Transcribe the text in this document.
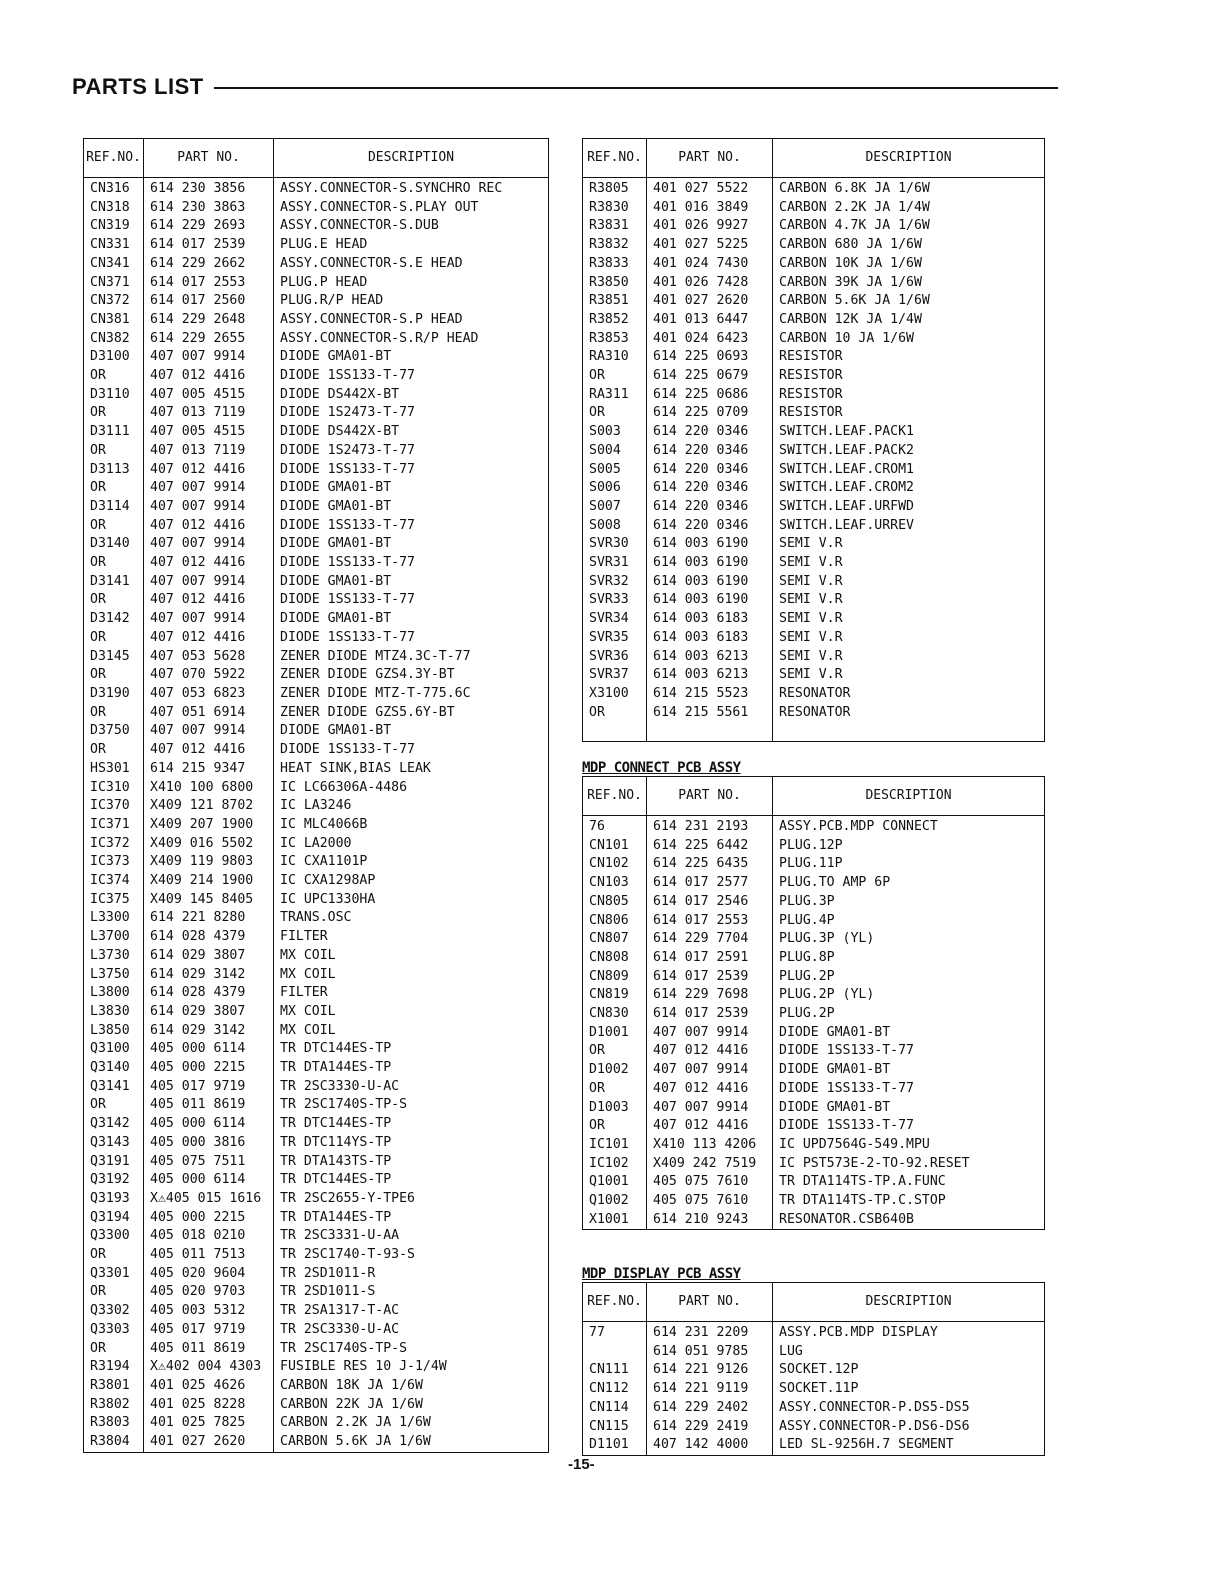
PARTS LIST
REF.NO.	PART NO.	DESCRIPTION
CN316	614 230 3856	ASSY.CONNECTOR-S.SYNCHRO REC
CN318	614 230 3863	ASSY.CONNECTOR-S.PLAY OUT
CN319	614 229 2693	ASSY.CONNECTOR-S.DUB
CN331	614 017 2539	PLUG.E HEAD
CN341	614 229 2662	ASSY.CONNECTOR-S.E HEAD
CN371	614 017 2553	PLUG.P HEAD
CN372	614 017 2560	PLUG.R/P HEAD
CN381	614 229 2648	ASSY.CONNECTOR-S.P HEAD
CN382	614 229 2655	ASSY.CONNECTOR-S.R/P HEAD
D3100	407 007 9914	DIODE GMA01-BT
OR	407 012 4416	DIODE 1SS133-T-77
D3110	407 005 4515	DIODE DS442X-BT
OR	407 013 7119	DIODE 1S2473-T-77
D3111	407 005 4515	DIODE DS442X-BT
OR	407 013 7119	DIODE 1S2473-T-77
D3113	407 012 4416	DIODE 1SS133-T-77
OR	407 007 9914	DIODE GMA01-BT
D3114	407 007 9914	DIODE GMA01-BT
OR	407 012 4416	DIODE 1SS133-T-77
D3140	407 007 9914	DIODE GMA01-BT
OR	407 012 4416	DIODE 1SS133-T-77
D3141	407 007 9914	DIODE GMA01-BT
OR	407 012 4416	DIODE 1SS133-T-77
D3142	407 007 9914	DIODE GMA01-BT
OR	407 012 4416	DIODE 1SS133-T-77
D3145	407 053 5628	ZENER DIODE MTZ4.3C-T-77
OR	407 070 5922	ZENER DIODE GZS4.3Y-BT
D3190	407 053 6823	ZENER DIODE MTZ-T-775.6C
OR	407 051 6914	ZENER DIODE GZS5.6Y-BT
D3750	407 007 9914	DIODE GMA01-BT
OR	407 012 4416	DIODE 1SS133-T-77
HS301	614 215 9347	HEAT SINK,BIAS LEAK
IC310	X410 100 6800	IC LC66306A-4486
IC370	X409 121 8702	IC LA3246
IC371	X409 207 1900	IC MLC4066B
IC372	X409 016 5502	IC LA2000
IC373	X409 119 9803	IC CXA1101P
IC374	X409 214 1900	IC CXA1298AP
IC375	X409 145 8405	IC UPC1330HA
L3300	614 221 8280	TRANS.OSC
L3700	614 028 4379	FILTER
L3730	614 029 3807	MX COIL
L3750	614 029 3142	MX COIL
L3800	614 028 4379	FILTER
L3830	614 029 3807	MX COIL
L3850	614 029 3142	MX COIL
Q3100	405 000 6114	TR DTC144ES-TP
Q3140	405 000 2215	TR DTA144ES-TP
Q3141	405 017 9719	TR 2SC3330-U-AC
OR	405 011 8619	TR 2SC1740S-TP-S
Q3142	405 000 6114	TR DTC144ES-TP
Q3143	405 000 3816	TR DTC114YS-TP
Q3191	405 075 7511	TR DTA143TS-TP
Q3192	405 000 6114	TR DTC144ES-TP
Q3193	X⚠405 015 1616	TR 2SC2655-Y-TPE6
Q3194	405 000 2215	TR DTA144ES-TP
Q3300	405 018 0210	TR 2SC3331-U-AA
OR	405 011 7513	TR 2SC1740-T-93-S
Q3301	405 020 9604	TR 2SD1011-R
OR	405 020 9703	TR 2SD1011-S
Q3302	405 003 5312	TR 2SA1317-T-AC
Q3303	405 017 9719	TR 2SC3330-U-AC
OR	405 011 8619	TR 2SC1740S-TP-S
R3194	X⚠402 004 4303	FUSIBLE RES 10 J-1/4W
R3801	401 025 4626	CARBON 18K JA 1/6W
R3802	401 025 8228	CARBON 22K JA 1/6W
R3803	401 025 7825	CARBON 2.2K JA 1/6W
R3804	401 027 2620	CARBON 5.6K JA 1/6W
REF.NO.	PART NO.	DESCRIPTION
R3805	401 027 5522	CARBON 6.8K JA 1/6W
R3830	401 016 3849	CARBON 2.2K JA 1/4W
R3831	401 026 9927	CARBON 4.7K JA 1/6W
R3832	401 027 5225	CARBON 680 JA 1/6W
R3833	401 024 7430	CARBON 10K JA 1/6W
R3850	401 026 7428	CARBON 39K JA 1/6W
R3851	401 027 2620	CARBON 5.6K JA 1/6W
R3852	401 013 6447	CARBON 12K JA 1/4W
R3853	401 024 6423	CARBON 10 JA 1/6W
RA310	614 225 0693	RESISTOR
OR	614 225 0679	RESISTOR
RA311	614 225 0686	RESISTOR
OR	614 225 0709	RESISTOR
S003	614 220 0346	SWITCH.LEAF.PACK1
S004	614 220 0346	SWITCH.LEAF.PACK2
S005	614 220 0346	SWITCH.LEAF.CROM1
S006	614 220 0346	SWITCH.LEAF.CROM2
S007	614 220 0346	SWITCH.LEAF.URFWD
S008	614 220 0346	SWITCH.LEAF.URREV
SVR30	614 003 6190	SEMI V.R
SVR31	614 003 6190	SEMI V.R
SVR32	614 003 6190	SEMI V.R
SVR33	614 003 6190	SEMI V.R
SVR34	614 003 6183	SEMI V.R
SVR35	614 003 6183	SEMI V.R
SVR36	614 003 6213	SEMI V.R
SVR37	614 003 6213	SEMI V.R
X3100	614 215 5523	RESONATOR
OR	614 215 5561	RESONATOR

MDP CONNECT PCB ASSY
REF.NO.	PART NO.	DESCRIPTION
76	614 231 2193	ASSY.PCB.MDP CONNECT
CN101	614 225 6442	PLUG.12P
CN102	614 225 6435	PLUG.11P
CN103	614 017 2577	PLUG.TO AMP 6P
CN805	614 017 2546	PLUG.3P
CN806	614 017 2553	PLUG.4P
CN807	614 229 7704	PLUG.3P (YL)
CN808	614 017 2591	PLUG.8P
CN809	614 017 2539	PLUG.2P
CN819	614 229 7698	PLUG.2P (YL)
CN830	614 017 2539	PLUG.2P
D1001	407 007 9914	DIODE GMA01-BT
OR	407 012 4416	DIODE 1SS133-T-77
D1002	407 007 9914	DIODE GMA01-BT
OR	407 012 4416	DIODE 1SS133-T-77
D1003	407 007 9914	DIODE GMA01-BT
OR	407 012 4416	DIODE 1SS133-T-77
IC101	X410 113 4206	IC UPD7564G-549.MPU
IC102	X409 242 7519	IC PST573E-2-TO-92.RESET
Q1001	405 075 7610	TR DTA114TS-TP.A.FUNC
Q1002	405 075 7610	TR DTA114TS-TP.C.STOP
X1001	614 210 9243	RESONATOR.CSB640B
MDP DISPLAY PCB ASSY
REF.NO.	PART NO.	DESCRIPTION
77	614 231 2209	ASSY.PCB.MDP DISPLAY
	614 051 9785	LUG
CN111	614 221 9126	SOCKET.12P
CN112	614 221 9119	SOCKET.11P
CN114	614 229 2402	ASSY.CONNECTOR-P.DS5-DS5
CN115	614 229 2419	ASSY.CONNECTOR-P.DS6-DS6
D1101	407 142 4000	LED SL-9256H.7 SEGMENT
-15-
